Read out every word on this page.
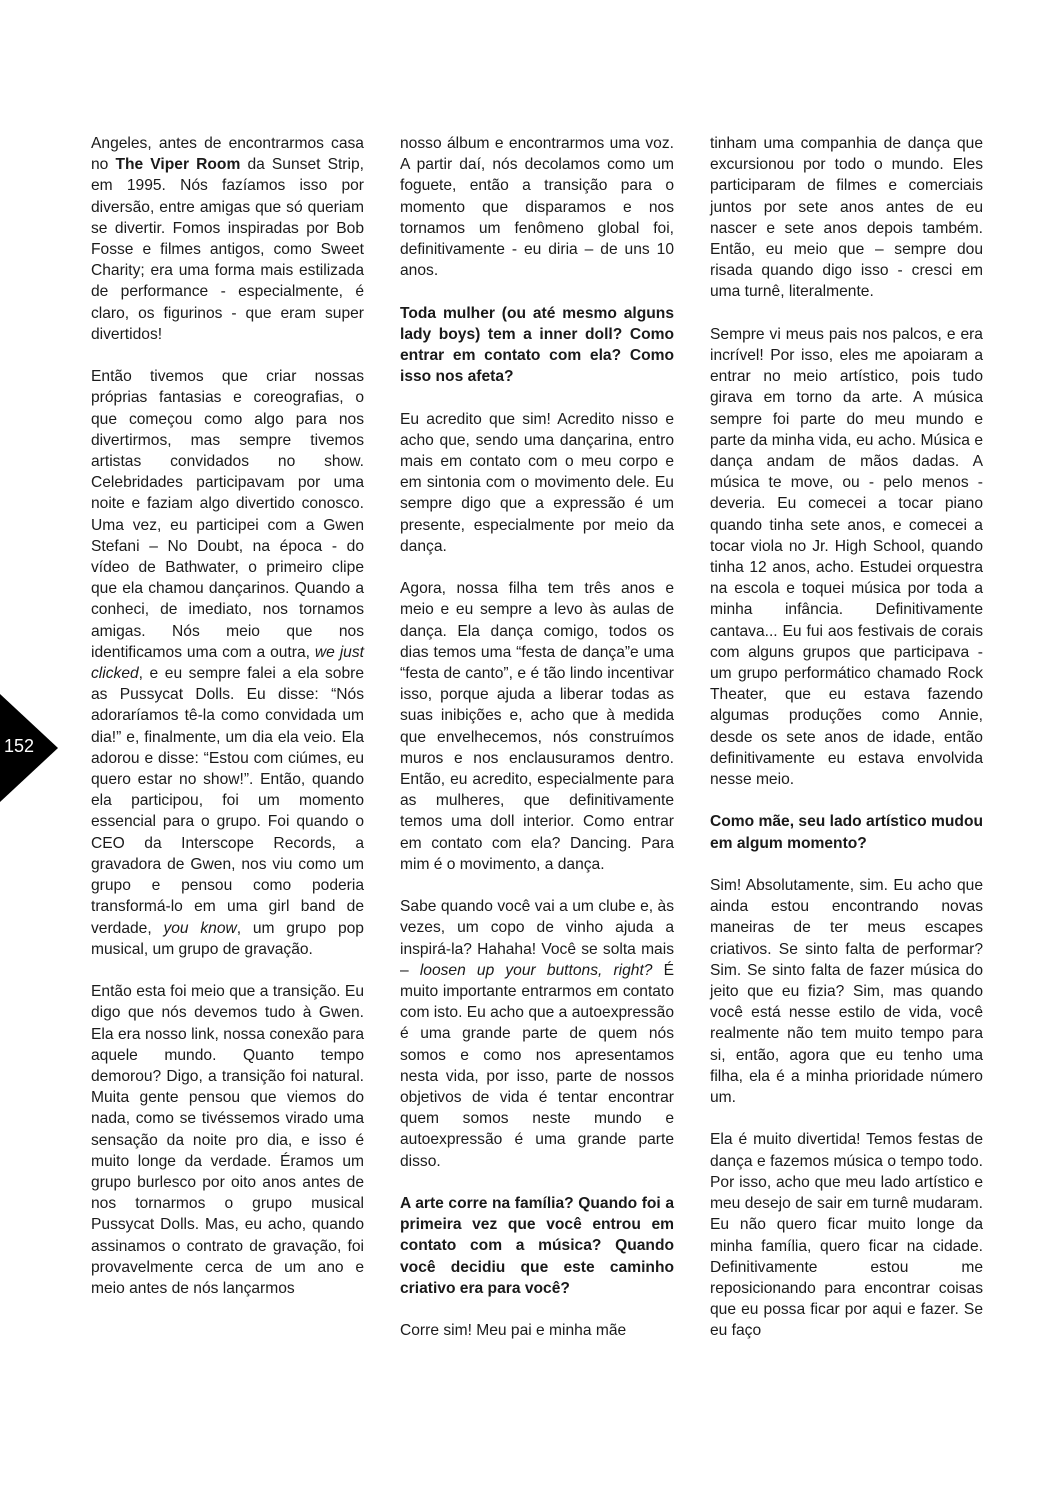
Angeles, antes de encontrarmos casa no The Viper Room da Sunset Strip, em 1995. Nós fazíamos isso por diversão, entre amigas que só queriam se divertir. Fomos inspiradas por Bob Fosse e filmes antigos, como Sweet Charity; era uma forma mais estilizada de performance - especialmente, é claro, os figurinos - que eram super divertidos!

Então tivemos que criar nossas próprias fantasias e coreografias, o que começou como algo para nos divertirmos, mas sempre tivemos artistas convidados no show. Celebridades participavam por uma noite e faziam algo divertido conosco. Uma vez, eu participei com a Gwen Stefani – No Doubt, na época - do vídeo de Bathwater, o primeiro clipe que ela chamou dançarinos. Quando a conheci, de imediato, nos tornamos amigas. Nós meio que nos identificamos uma com a outra, we just clicked, e eu sempre falei a ela sobre as Pussycat Dolls. Eu disse: “Nós adoraríamos tê-la como convidada um dia!” e, finalmente, um dia ela veio. Ela adorou e disse: “Estou com ciúmes, eu quero estar no show!”. Então, quando ela participou, foi um momento essencial para o grupo. Foi quando o CEO da Interscope Records, a gravadora de Gwen, nos viu como um grupo e pensou como poderia transformá-lo em uma girl band de verdade, you know, um grupo pop musical, um grupo de gravação.

Então esta foi meio que a transição. Eu digo que nós devemos tudo à Gwen. Ela era nosso link, nossa conexão para aquele mundo. Quanto tempo demorou? Digo, a transição foi natural. Muita gente pensou que viemos do nada, como se tivéssemos virado uma sensação da noite pro dia, e isso é muito longe da verdade. Éramos um grupo burlesco por oito anos antes de nos tornarmos o grupo musical Pussycat Dolls. Mas, eu acho, quando assinamos o contrato de gravação, foi provavelmente cerca de um ano e meio antes de nós lançarmos

nosso álbum e encontrarmos uma voz. A partir daí, nós decolamos como um foguete, então a transição para o momento que disparamos e nos tornamos um fenômeno global foi, definitivamente - eu diria – de uns 10 anos.

Toda mulher (ou até mesmo alguns lady boys) tem a inner doll? Como entrar em contato com ela? Como isso nos afeta?

Eu acredito que sim! Acredito nisso e acho que, sendo uma dançarina, entro mais em contato com o meu corpo e em sintonia com o movimento dele. Eu sempre digo que a expressão é um presente, especialmente por meio da dança.

Agora, nossa filha tem três anos e meio e eu sempre a levo às aulas de dança. Ela dança comigo, todos os dias temos uma “festa de dança”e uma “festa de canto”, e é tão lindo incentivar isso, porque ajuda a liberar todas as suas inibições e, acho que à medida que envelhecemos, nós construímos muros e nos enclausuramos dentro. Então, eu acredito, especialmente para as mulheres, que definitivamente temos uma doll interior. Como entrar em contato com ela? Dancing. Para mim é o movimento, a dança.

Sabe quando você vai a um clube e, às vezes, um copo de vinho ajuda a inspirá-la? Hahaha! Você se solta mais – loosen up your buttons, right? É muito importante entrarmos em contato com isto. Eu acho que a autoexpressão é uma grande parte de quem nós somos e como nos apresentamos nesta vida, por isso, parte de nossos objetivos de vida é tentar encontrar quem somos neste mundo e autoexpressão é uma grande parte disso.

A arte corre na família? Quando foi a primeira vez que você entrou em contato com a música? Quando você decidiu que este caminho criativo era para você?

Corre sim! Meu pai e minha mãe

tinham uma companhia de dança que excursionou por todo o mundo. Eles participaram de filmes e comerciais juntos por sete anos antes de eu nascer e sete anos depois também. Então, eu meio que – sempre dou risada quando digo isso - cresci em uma turnê, literalmente.

Sempre vi meus pais nos palcos, e era incrível! Por isso, eles me apoiaram a entrar no meio artístico, pois tudo girava em torno da arte. A música sempre foi parte do meu mundo e parte da minha vida, eu acho. Música e dança andam de mãos dadas. A música te move, ou - pelo menos - deveria. Eu comecei a tocar piano quando tinha sete anos, e comecei a tocar viola no Jr. High School, quando tinha 12 anos, acho. Estudei orquestra na escola e toquei música por toda a minha infância. Definitivamente cantava... Eu fui aos festivais de corais com alguns grupos que participava - um grupo performático chamado Rock Theater, que eu estava fazendo algumas produções como Annie, desde os sete anos de idade, então definitivamente eu estava envolvida nesse meio.

Como mãe, seu lado artístico mudou em algum momento?

Sim! Absolutamente, sim. Eu acho que ainda estou encontrando novas maneiras de ter meus escapes criativos. Se sinto falta de performar? Sim. Se sinto falta de fazer música do jeito que eu fizia? Sim, mas quando você está nesse estilo de vida, você realmente não tem muito tempo para si, então, agora que eu tenho uma filha, ela é a minha prioridade número um.

Ela é muito divertida! Temos festas de dança e fazemos música o tempo todo. Por isso, acho que meu lado artístico e meu desejo de sair em turnê mudaram. Eu não quero ficar muito longe da minha família, quero ficar na cidade. Definitivamente estou me reposicionando para encontrar coisas que eu possa ficar por aqui e fazer. Se eu faço

152
